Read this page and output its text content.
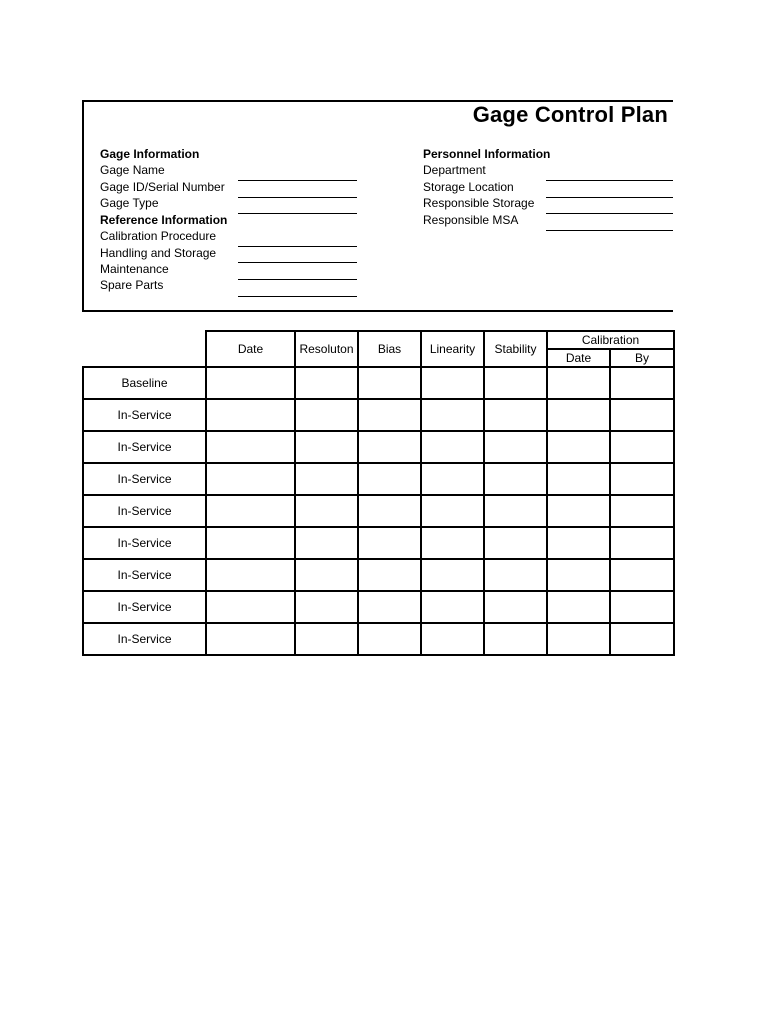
Gage Control Plan
Gage Information
Gage Name
Gage ID/Serial Number
Gage Type
Reference Information
Calibration Procedure
Handling and Storage
Maintenance
Spare Parts
Personnel Information
Department
Storage Location
Responsible Storage
Responsible MSA
	Date	Resoluton	Bias	Linearity	Stability	Calibration	
						Date	By
Baseline							
In-Service							
In-Service							
In-Service							
In-Service							
In-Service							
In-Service							
In-Service							
In-Service							
